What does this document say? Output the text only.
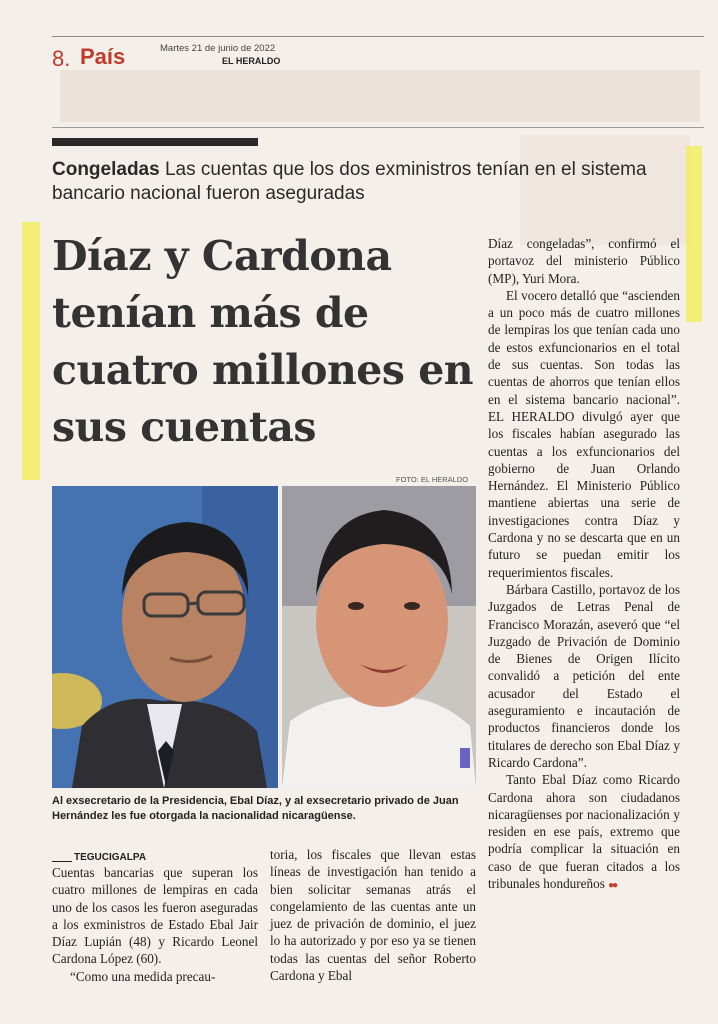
8. País	Martes 21 de junio de 2022
EL HERALDO
Congeladas Las cuentas que los dos exministros tenían en el sistema bancario nacional fueron aseguradas
Díaz y Cardona tenían más de cuatro millones en sus cuentas
FOTO: EL HERALDO
Al exsecretario de la Presidencia, Ebal Díaz, y al exsecretario privado de Juan Hernández les fue otorgada la nacionalidad nicaragüense.
TEGUCIGALPA

Cuentas bancarias que superan los cuatro millones de lempiras en cada uno de los casos les fueron aseguradas a los exministros de Estado Ebal Jair Díaz Lupián (48) y Ricardo Leonel Cardona López (60).

“Como una medida precau-

toria, los fiscales que llevan estas líneas de investigación han tenido a bien solicitar semanas atrás el congelamiento de las cuentas ante un juez de privación de dominio, el juez lo ha autorizado y por eso ya se tienen todas las cuentas del señor Roberto Cardona y Ebal

Díaz congeladas”, confirmó el portavoz del ministerio Público (MP), Yuri Mora.

El vocero detalló que “ascienden a un poco más de cuatro millones de lempiras los que tenían cada uno de estos exfuncionarios en el total de sus cuentas. Son todas las cuentas de ahorros que tenían ellos en el sistema bancario nacional”. EL HERALDO divulgó ayer que los fiscales habían asegurado las cuentas a los exfuncionarios del gobierno de Juan Orlando Hernández. El Ministerio Público mantiene abiertas una serie de investigaciones contra Díaz y Cardona y no se descarta que en un futuro se puedan emitir los requerimientos fiscales.

Bárbara Castillo, portavoz de los Juzgados de Letras Penal de Francisco Morazán, aseveró que “el Juzgado de Privación de Dominio de Bienes de Origen Ilícito convalidó a petición del ente acusador del Estado el aseguramiento e incautación de productos financieros donde los titulares de derecho son Ebal Díaz y Ricardo Cardona”.

Tanto Ebal Díaz como Ricardo Cardona ahora son ciudadanos nicaragüenses por nacionalización y residen en ese país, extremo que podría complicar la situación en caso de que fueran citados a los tribunales hondureños ●●
